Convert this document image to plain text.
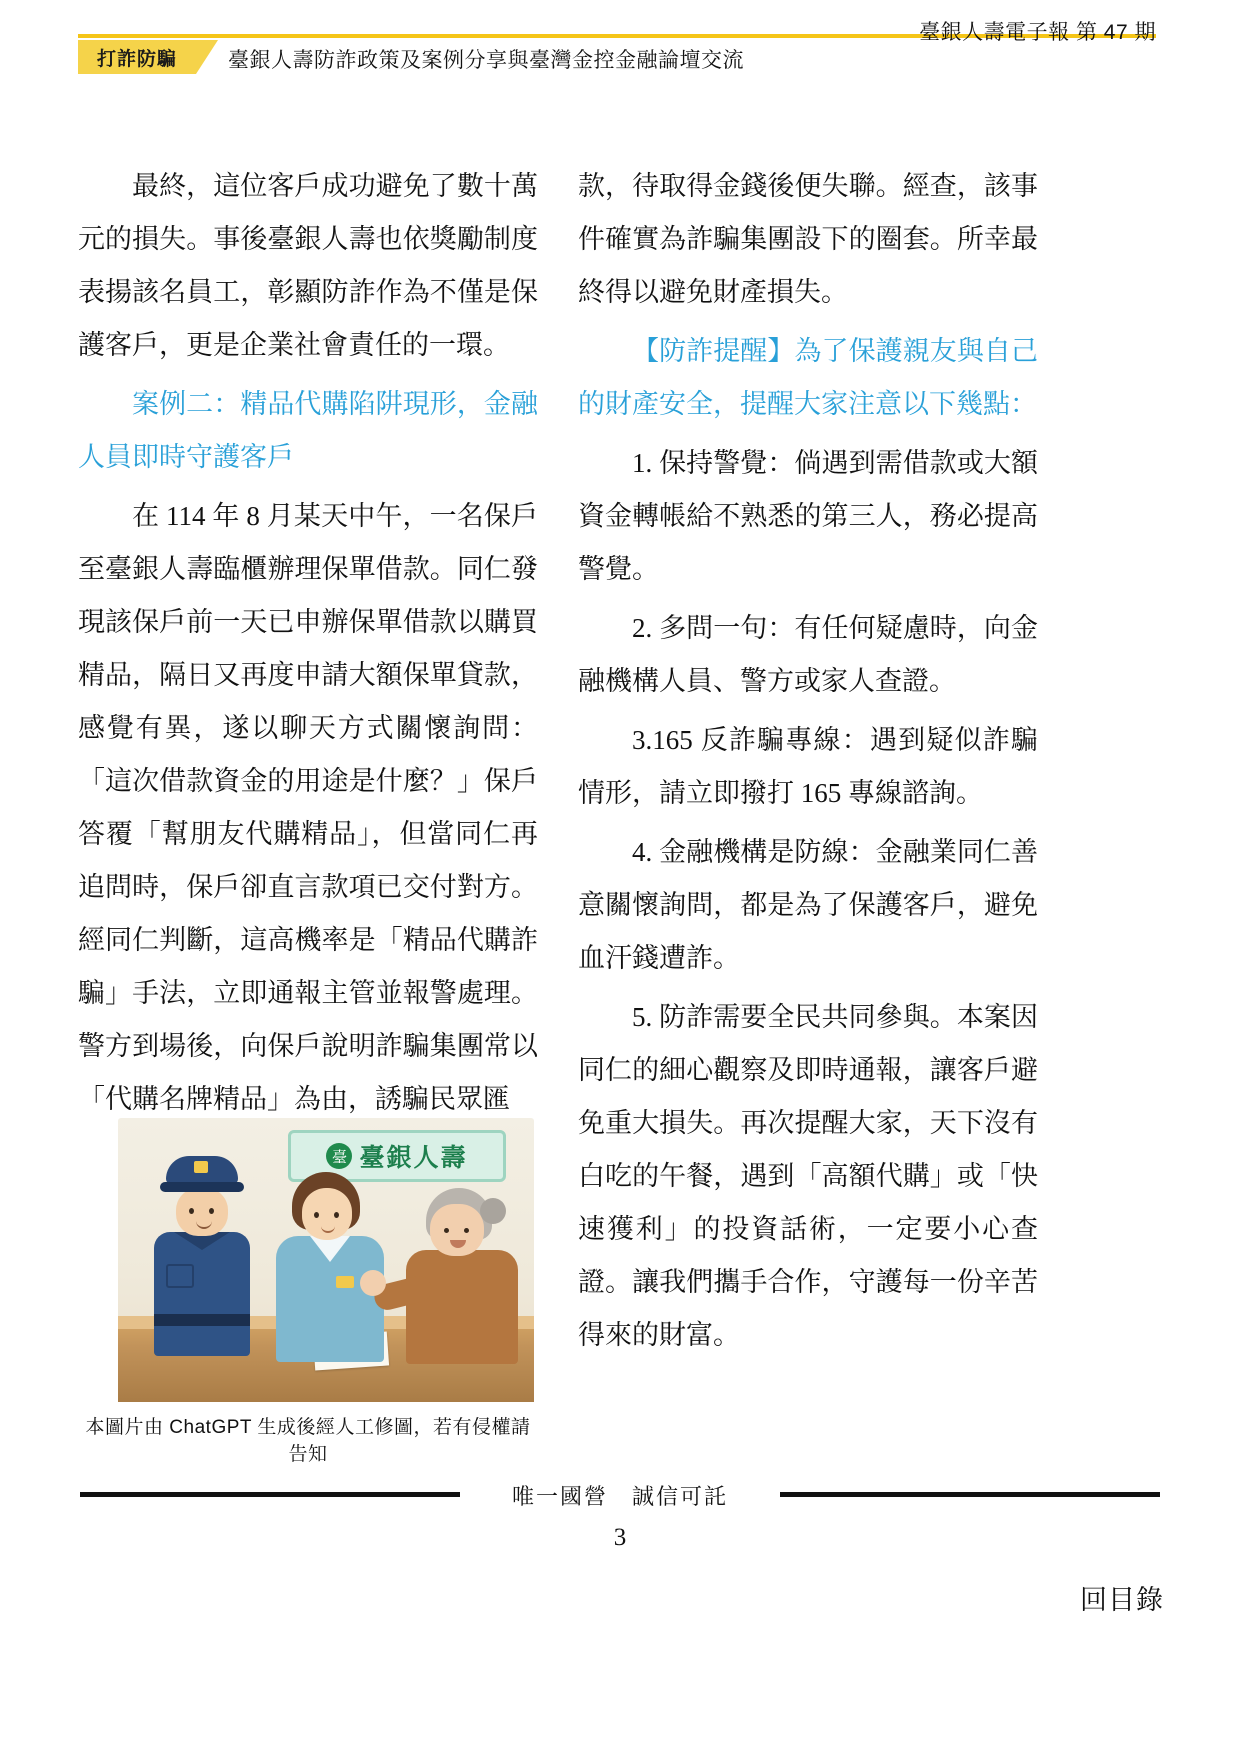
打詐防騙	臺銀人壽防詐政策及案例分享與臺灣金控金融論壇交流
臺銀人壽電子報 第 47 期

最終，這位客戶成功避免了數十萬元的損失。事後臺銀人壽也依獎勵制度表揚該名員工，彰顯防詐作為不僅是保護客戶，更是企業社會責任的一環。

案例二：精品代購陷阱現形，金融人員即時守護客戶

在 114 年 8 月某天中午，一名保戶至臺銀人壽臨櫃辦理保單借款。同仁發現該保戶前一天已申辦保單借款以購買精品，隔日又再度申請大額保單貸款，感覺有異，遂以聊天方式關懷詢問：「這次借款資金的用途是什麼？」保戶答覆「幫朋友代購精品」，但當同仁再追問時，保戶卻直言款項已交付對方。經同仁判斷，這高機率是「精品代購詐騙」手法，立即通報主管並報警處理。警方到場後，向保戶說明詐騙集團常以「代購名牌精品」為由，誘騙民眾匯

款，待取得金錢後便失聯。經查，該事件確實為詐騙集團設下的圈套。所幸最終得以避免財產損失。

【防詐提醒】為了保護親友與自己的財產安全，提醒大家注意以下幾點：

1. 保持警覺：倘遇到需借款或大額資金轉帳給不熟悉的第三人，務必提高警覺。

2. 多問一句：有任何疑慮時，向金融機構人員、警方或家人查證。

3.165 反詐騙專線：遇到疑似詐騙情形，請立即撥打 165 專線諮詢。

4. 金融機構是防線：金融業同仁善意關懷詢問，都是為了保護客戶，避免血汗錢遭詐。

5. 防詐需要全民共同參與。本案因同仁的細心觀察及即時通報，讓客戶避免重大損失。再次提醒大家，天下沒有白吃的午餐，遇到「高額代購」或「快速獲利」的投資話術，一定要小心查證。讓我們攜手合作，守護每一份辛苦得來的財富。

臺 臺銀人壽
本圖片由 ChatGPT 生成後經人工修圖，若有侵權請告知
唯一國營　誠信可託
3
回目錄
